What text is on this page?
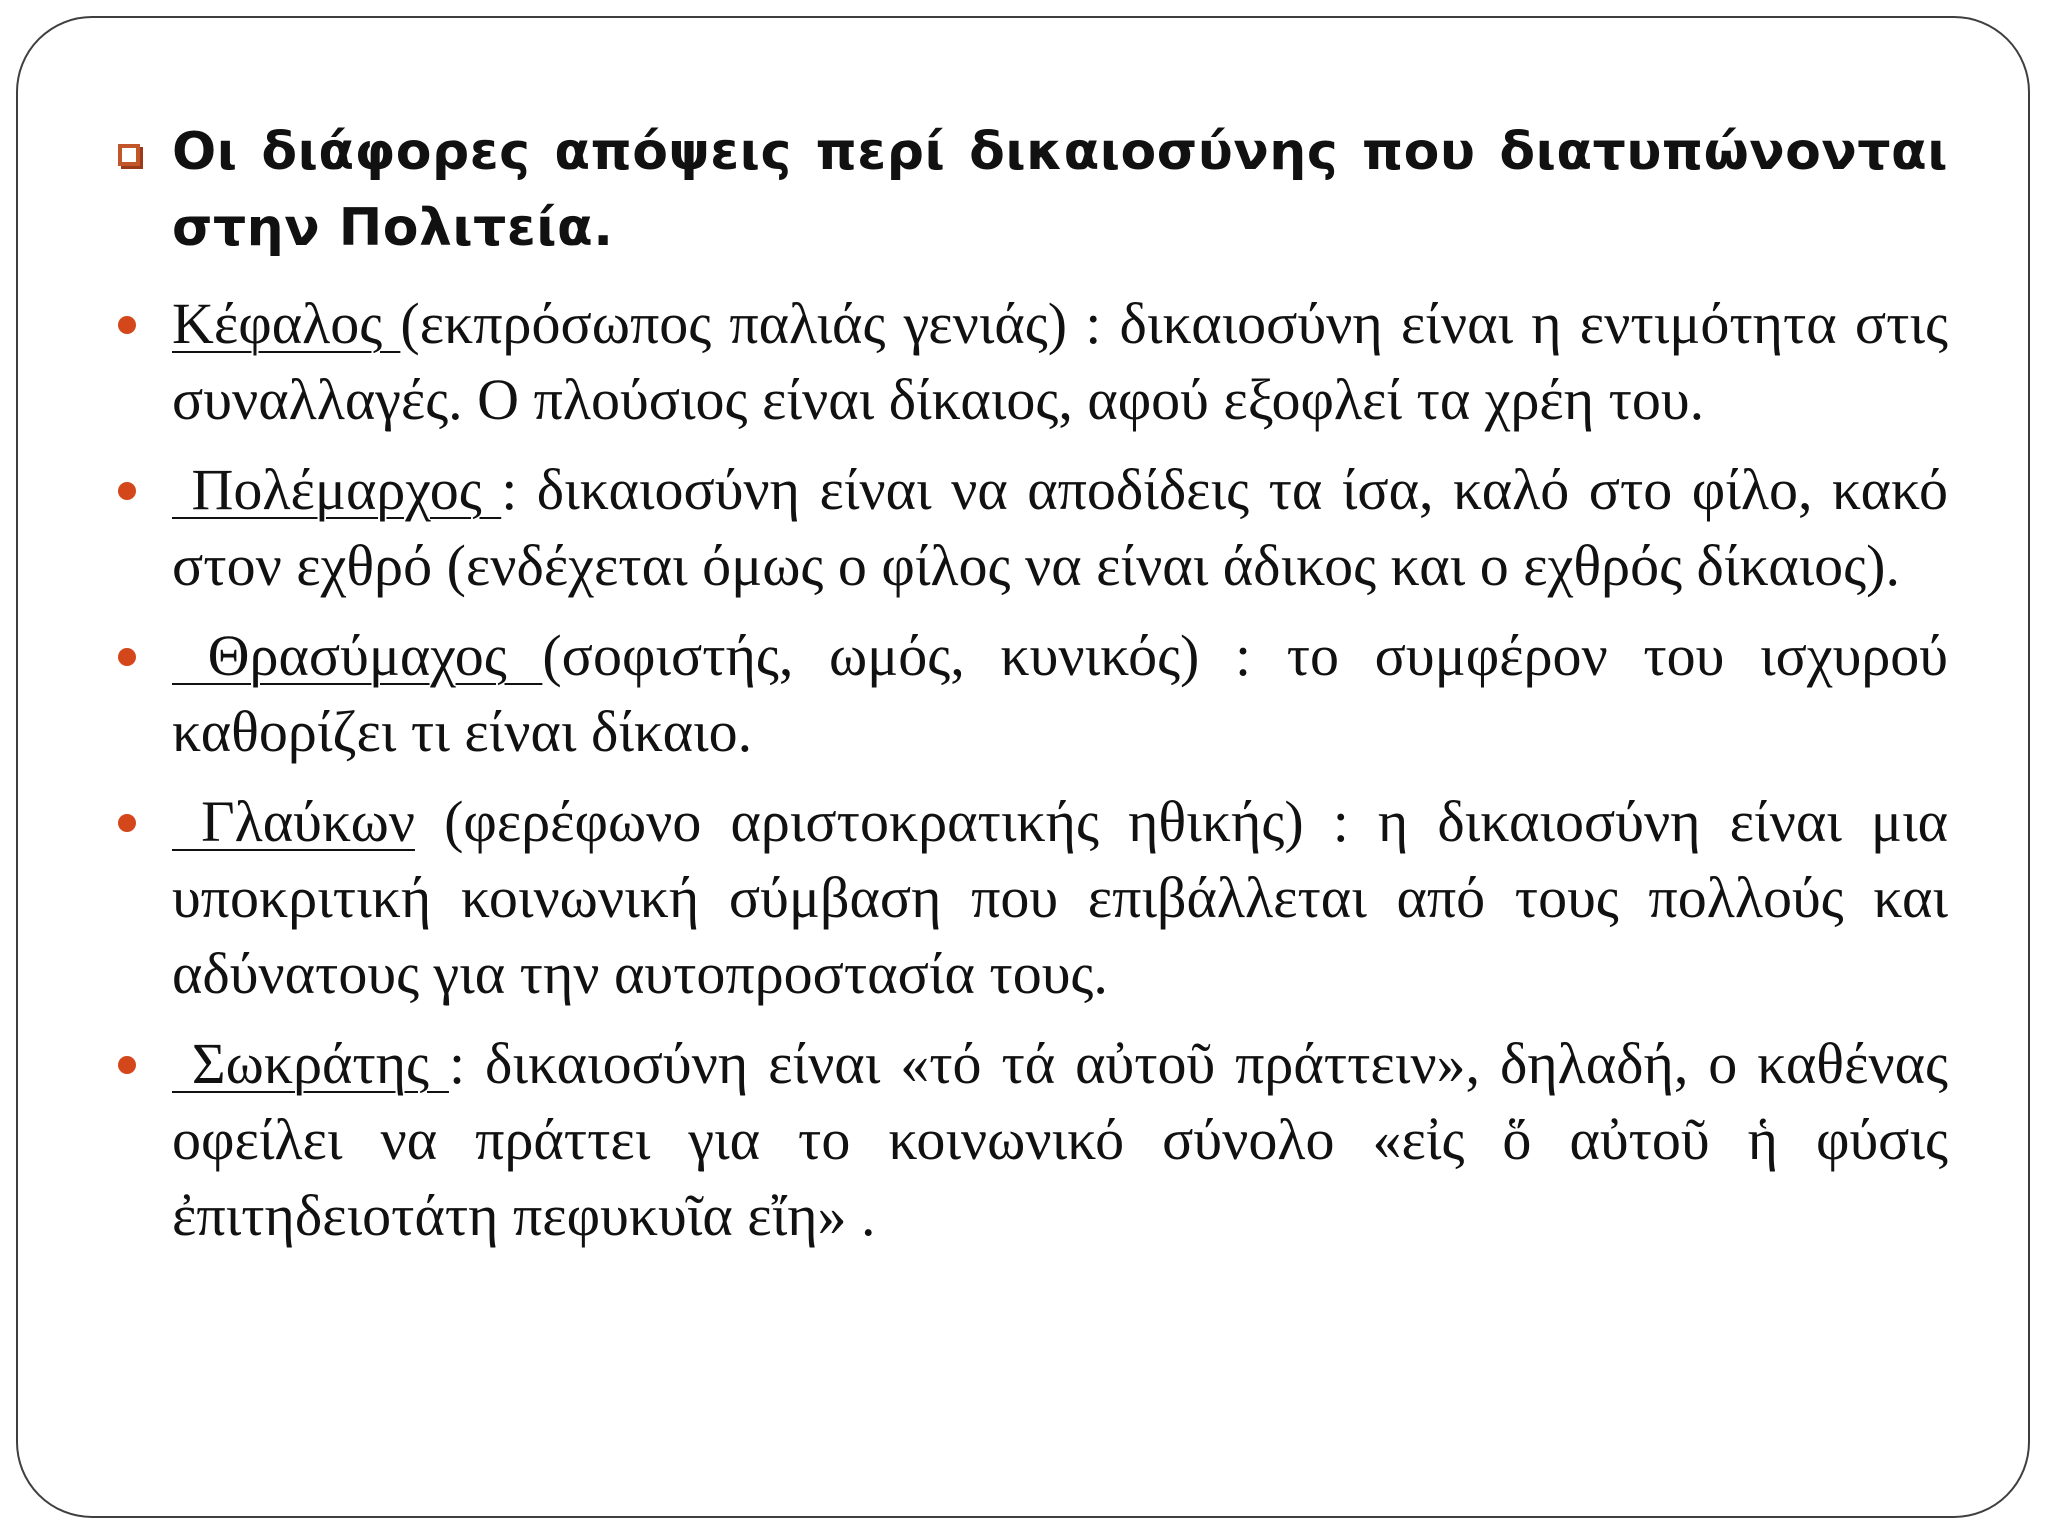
Οι διάφορες απόψεις περί δικαιοσύνης που διατυπώνονται στην Πολιτεία.
Κέφαλος (εκπρόσωπος παλιάς γενιάς) : δικαιοσύνη είναι η εντιμότητα στις συναλλαγές. Ο πλούσιος είναι δίκαιος, αφού εξοφλεί τα χρέη του.
Πολέμαρχος : δικαιοσύνη είναι να αποδίδεις τα ίσα, καλό στο φίλο, κακό στον εχθρό (ενδέχεται όμως ο φίλος να είναι άδικος και ο εχθρός δίκαιος).
Θρασύμαχος (σοφιστής, ωμός, κυνικός) : το συμφέρον του ισχυρού καθορίζει τι είναι δίκαιο.
Γλαύκων (φερέφωνο αριστοκρατικής ηθικής) : η δικαιοσύνη είναι μια υποκριτική κοινωνική σύμβαση που επιβάλλεται από τους πολλούς και αδύνατους για την αυτοπροστασία τους.
Σωκράτης : δικαιοσύνη είναι «τό τά αὐτοῦ πράττειν», δηλαδή, ο καθένας οφείλει να πράττει για το κοινωνικό σύνολο «εἰς ὅ αὐτοῦ ἡ φύσις ἐπιτηδειοτάτη πεφυκυῖα εἴη» .
